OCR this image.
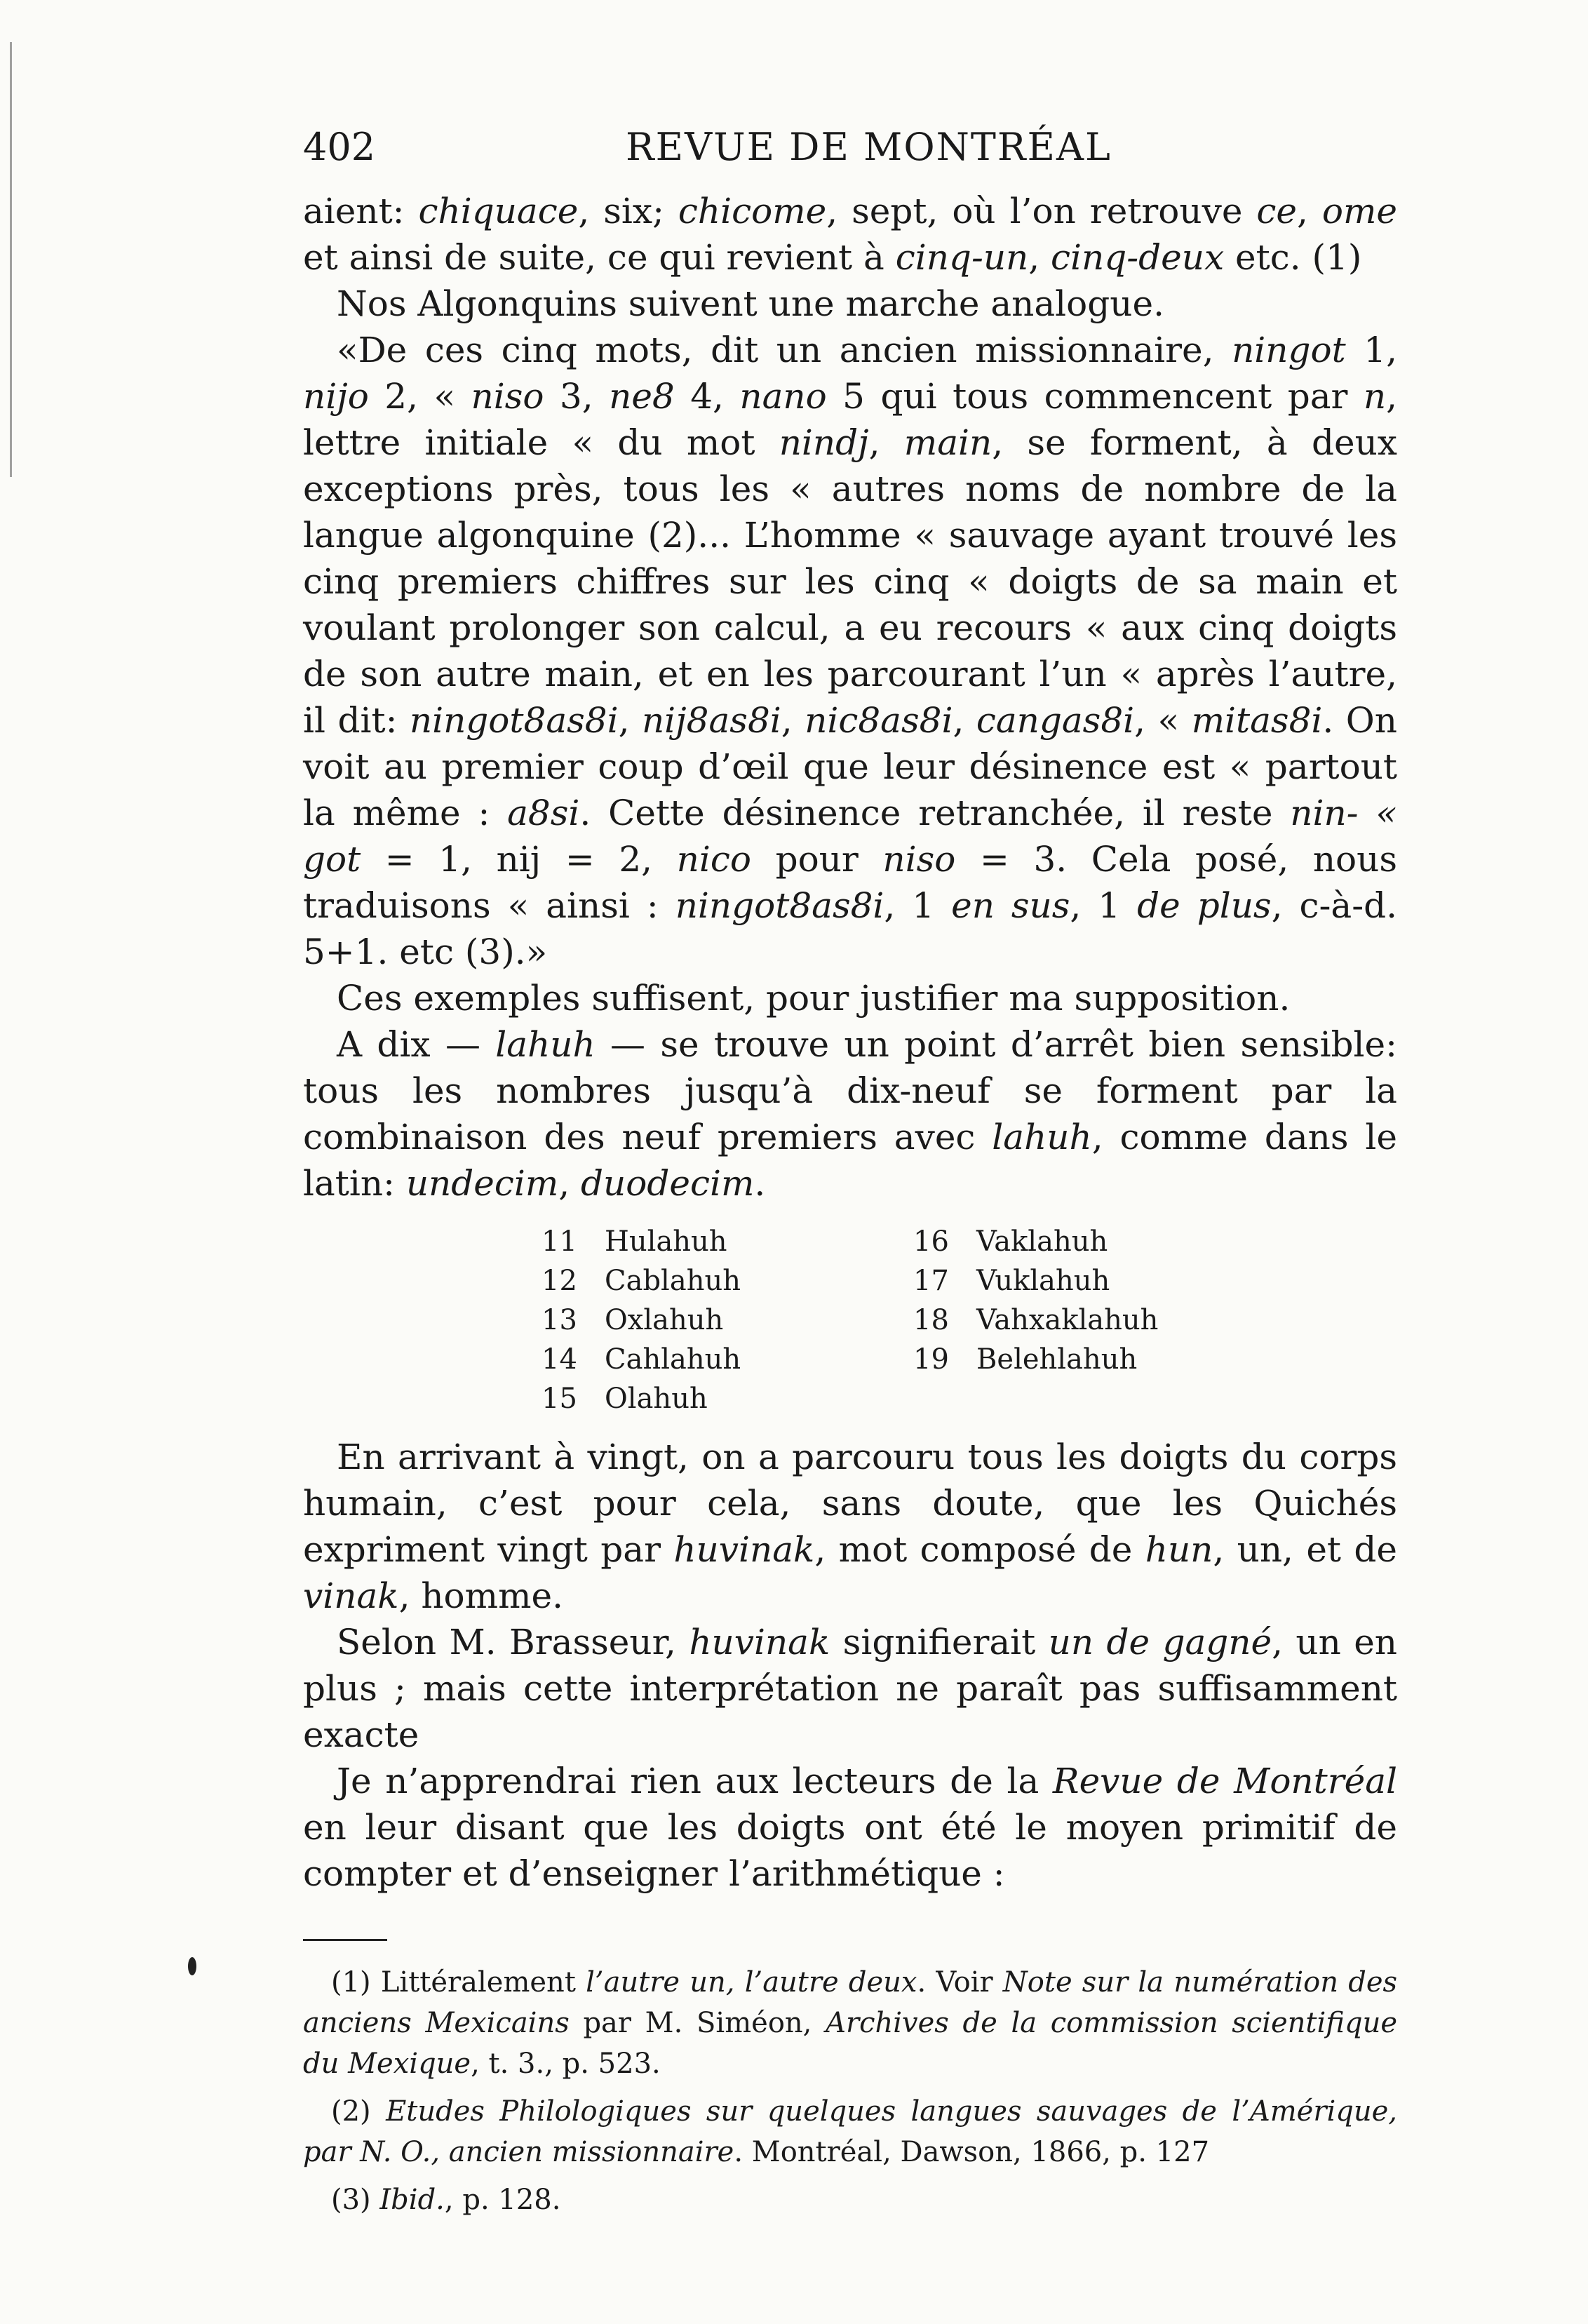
402	REVUE DE MONTRÉAL

aient: chiquace, six; chicome, sept, où l’on retrouve ce, ome et ainsi de suite, ce qui revient à cinq-un, cinq-deux etc. (1)

Nos Algonquins suivent une marche analogue.

«De ces cinq mots, dit un ancien missionnaire, ningot 1, nijo 2, « niso 3, ne8 4, nano 5 qui tous commencent par n, lettre initiale « du mot nindj, main, se forment, à deux exceptions près, tous les « autres noms de nombre de la langue algonquine (2)... L’homme « sauvage ayant trouvé les cinq premiers chiffres sur les cinq « doigts de sa main et voulant prolonger son calcul, a eu recours « aux cinq doigts de son autre main, et en les parcourant l’un « après l’autre, il dit: ningot8as8i, nij8as8i, nic8as8i, cangas8i, « mitas8i. On voit au premier coup d’œil que leur désinence est « partout la même : a8si. Cette désinence retranchée, il reste nin- « got = 1, nij = 2, nico pour niso = 3. Cela posé, nous traduisons « ainsi : ningot8as8i, 1 en sus, 1 de plus, c-à-d. 5+1. etc (3).»

Ces exemples suffisent, pour justifier ma supposition.

A dix — lahuh — se trouve un point d’arrêt bien sensible: tous les nombres jusqu’à dix-neuf se forment par la combinaison des neuf premiers avec lahuh, comme dans le latin: undecim, duodecim.

11	Hulahuh	16	Vaklahuh
12	Cablahuh	17	Vuklahuh
13	Oxlahuh	18	Vahxaklahuh
14	Cahlahuh	19	Belehlahuh
15	Olahuh		

En arrivant à vingt, on a parcouru tous les doigts du corps humain, c’est pour cela, sans doute, que les Quichés expriment vingt par huvinak, mot composé de hun, un, et de vinak, homme.

Selon M. Brasseur, huvinak signifierait un de gagné, un en plus ; mais cette interprétation ne paraît pas suffisamment exacte

Je n’apprendrai rien aux lecteurs de la Revue de Montréal en leur disant que les doigts ont été le moyen primitif de compter et d’enseigner l’arithmétique :

(1) Littéralement l’autre un, l’autre deux. Voir Note sur la numération des anciens Mexicains par M. Siméon, Archives de la commission scientifique du Mexique, t. 3., p. 523.

(2) Etudes Philologiques sur quelques langues sauvages de l’Amérique, par N. O., ancien missionnaire. Montréal, Dawson, 1866, p. 127

(3) Ibid., p. 128.
